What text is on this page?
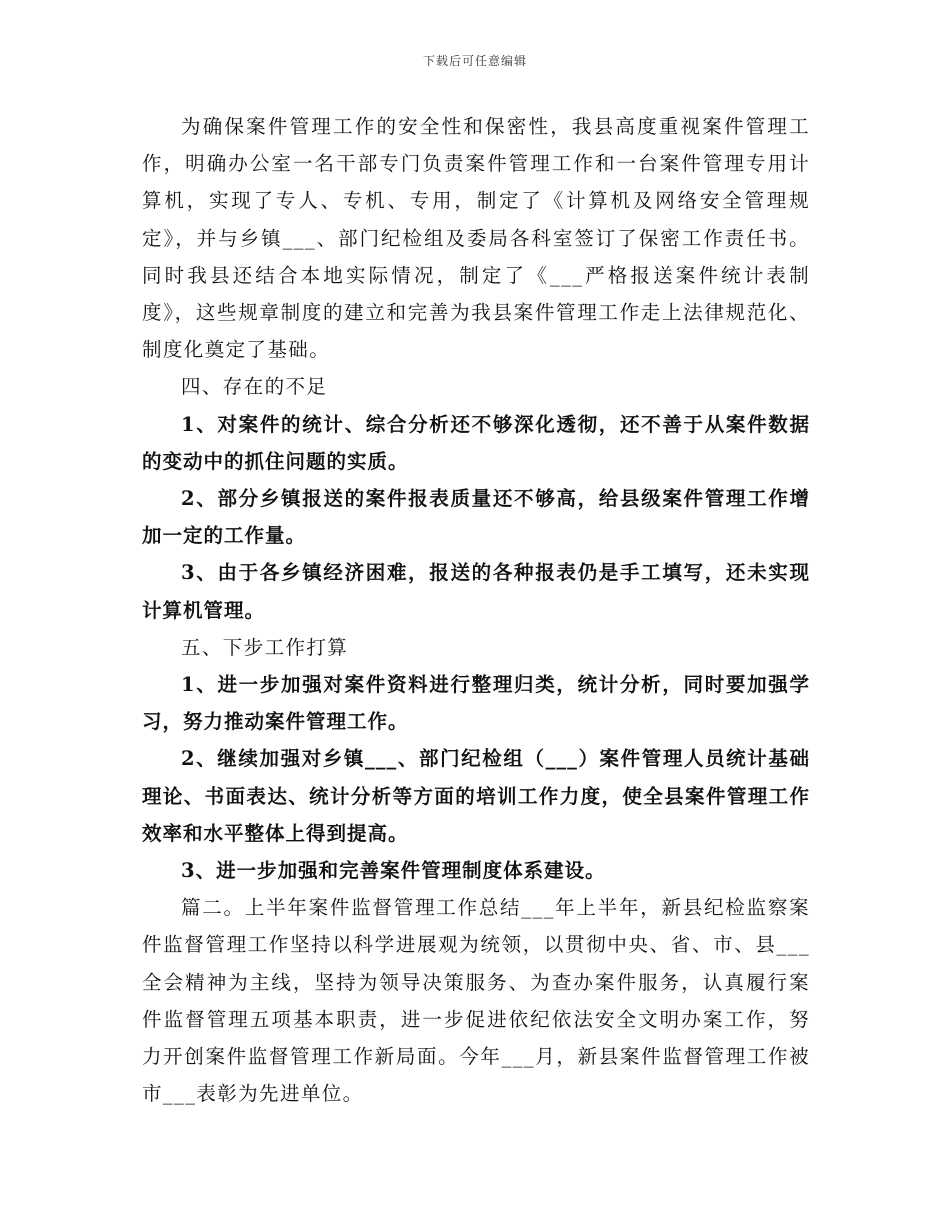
下载后可任意编辑

为确保案件管理工作的安全性和保密性，我县高度重视案件管理工作，明确办公室一名干部专门负责案件管理工作和一台案件管理专用计算机，实现了专人、专机、专用，制定了《计算机及网络安全管理规定》，并与乡镇___、部门纪检组及委局各科室签订了保密工作责任书。同时我县还结合本地实际情况，制定了《___严格报送案件统计表制度》，这些规章制度的建立和完善为我县案件管理工作走上法律规范化、制度化奠定了基础。

四、存在的不足

1、对案件的统计、综合分析还不够深化透彻，还不善于从案件数据的变动中的抓住问题的实质。

2、部分乡镇报送的案件报表质量还不够高，给县级案件管理工作增加一定的工作量。

3、由于各乡镇经济困难，报送的各种报表仍是手工填写，还未实现计算机管理。

五、下步工作打算

1、进一步加强对案件资料进行整理归类，统计分析，同时要加强学习，努力推动案件管理工作。

2、继续加强对乡镇___、部门纪检组（___）案件管理人员统计基础理论、书面表达、统计分析等方面的培训工作力度，使全县案件管理工作效率和水平整体上得到提高。

3、进一步加强和完善案件管理制度体系建设。

篇二。上半年案件监督管理工作总结___年上半年，新县纪检监察案件监督管理工作坚持以科学进展观为统领，以贯彻中央、省、市、县___全会精神为主线，坚持为领导决策服务、为查办案件服务，认真履行案件监督管理五项基本职责，进一步促进依纪依法安全文明办案工作，努力开创案件监督管理工作新局面。今年___月，新县案件监督管理工作被市___表彰为先进单位。
